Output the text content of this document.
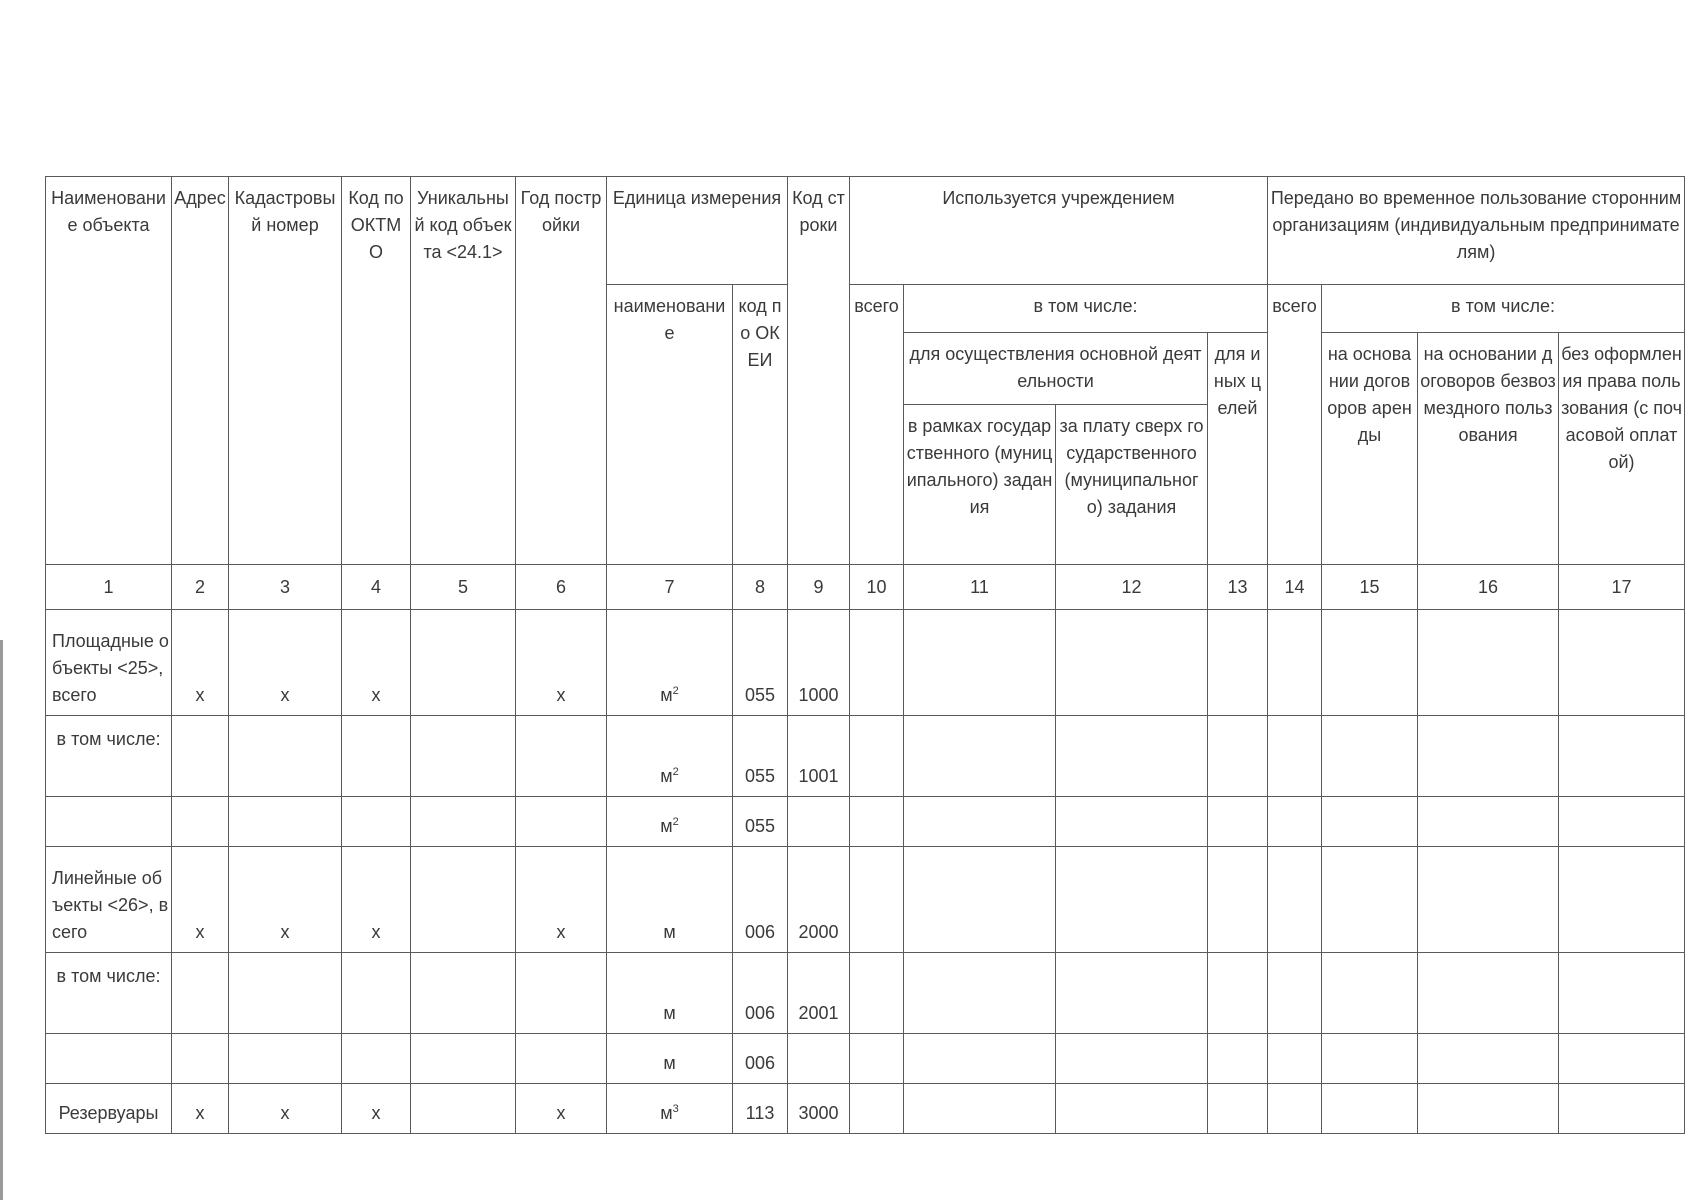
Наименование объекта	Адрес	Кадастровый номер	Код по ОКТМО	Уникальный код объекта <24.1>	Год постройки	Единица измерения		Код строки	Используется учреждением				Передано во временное пользование сторонним организациям (индивидуальным предпринимателям)			
						наименование	код по ОКЕИ		всего	в том числе:			всего	в том числе:		
										для осуществления основной деятельности		для иных целей		на основании договоров аренды	на основании договоров безвозмездного пользования	без оформления права пользования (с почасовой оплатой)
										в рамках государственного (муниципального) задания	за плату сверх государственного (муниципального) задания					
1	2	3	4	5	6	7	8	9	10	11	12	13	14	15	16	17
Площадные объекты <25>, всего	x	x	x		x	$м^2$	055	1000								
в том числе:						$м^2$	055	1001								
						$м^2$	055									
Линейные объекты <26>, всего	x	x	x		x	м	006	2000								
в том числе:						м	006	2001								
						м	006									
Резервуары	x	x	x		x	$м^3$	113	3000								
